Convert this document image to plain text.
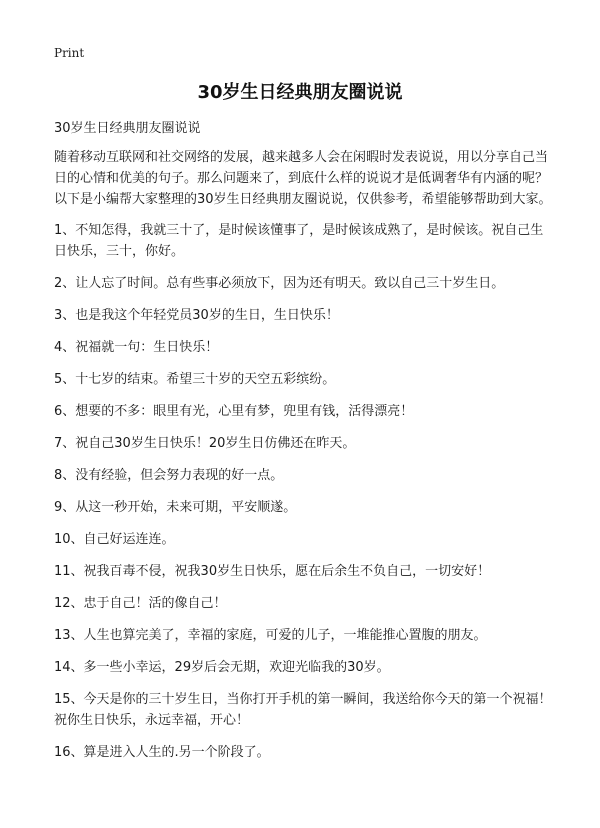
Print
30岁生日经典朋友圈说说

30岁生日经典朋友圈说说

随着移动互联网和社交网络的发展，越来越多人会在闲暇时发表说说，用以分享自己当日的心情和优美的句子。那么问题来了，到底什么样的说说才是低调奢华有内涵的呢？以下是小编帮大家整理的30岁生日经典朋友圈说说，仅供参考，希望能够帮助到大家。

1、不知怎得，我就三十了，是时候该懂事了，是时候该成熟了，是时候该。祝自己生日快乐，三十，你好。

2、让人忘了时间。总有些事必须放下，因为还有明天。致以自己三十岁生日。

3、也是我这个年轻党员30岁的生日，生日快乐！

4、祝福就一句：生日快乐！

5、十七岁的结束。希望三十岁的天空五彩缤纷。

6、想要的不多：眼里有光，心里有梦，兜里有钱，活得漂亮！

7、祝自己30岁生日快乐！20岁生日仿佛还在昨天。

8、没有经验，但会努力表现的好一点。

9、从这一秒开始，未来可期，平安顺遂。

10、自己好运连连。

11、祝我百毒不侵，祝我30岁生日快乐，愿在后余生不负自己，一切安好！

12、忠于自己！活的像自己！

13、人生也算完美了，幸福的家庭，可爱的儿子，一堆能推心置腹的朋友。

14、多一些小幸运，29岁后会无期，欢迎光临我的30岁。

15、今天是你的三十岁生日，当你打开手机的第一瞬间，我送给你今天的第一个祝福！祝你生日快乐，永远幸福，开心！

16、算是进入人生的.另一个阶段了。
